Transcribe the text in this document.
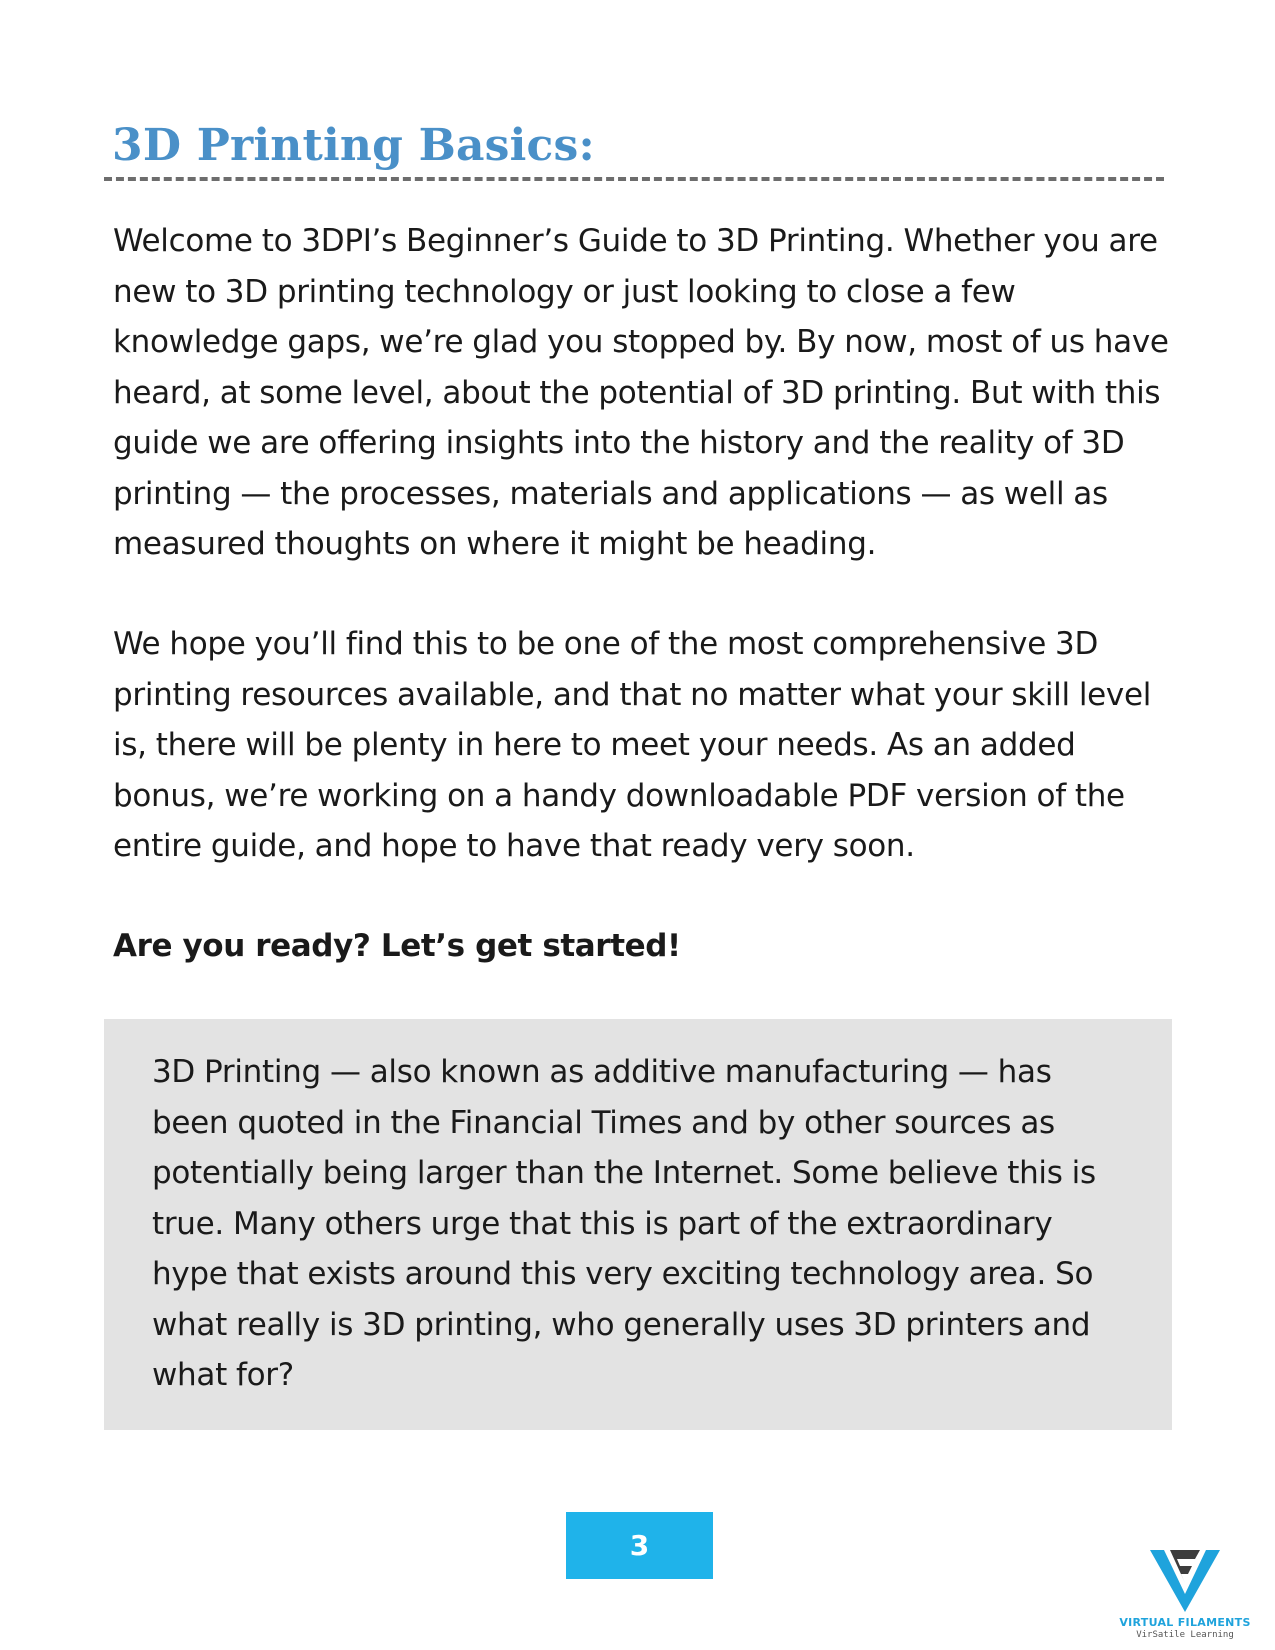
3D Printing Basics:

Welcome to 3DPI’s Beginner’s Guide to 3D Printing. Whether you are new to 3D printing technology or just looking to close a few knowledge gaps, we’re glad you stopped by. By now, most of us have heard, at some level, about the potential of 3D printing. But with this guide we are offering insights into the history and the reality of 3D printing — the processes, materials and applications — as well as measured thoughts on where it might be heading.

We hope you’ll find this to be one of the most comprehensive 3D printing resources available, and that no matter what your skill level is, there will be plenty in here to meet your needs. As an added bonus, we’re working on a handy downloadable PDF version of the entire guide, and hope to have that ready very soon.

Are you ready? Let’s get started!

3D Printing — also known as additive manufacturing — has been quoted in the Financial Times and by other sources as potentially being larger than the Internet. Some believe this is true. Many others urge that this is part of the extraordinary hype that exists around this very exciting technology area. So what really is 3D printing, who generally uses 3D printers and what for?

3
VIRTUAL FILAMENTS
VirSatile Learning
